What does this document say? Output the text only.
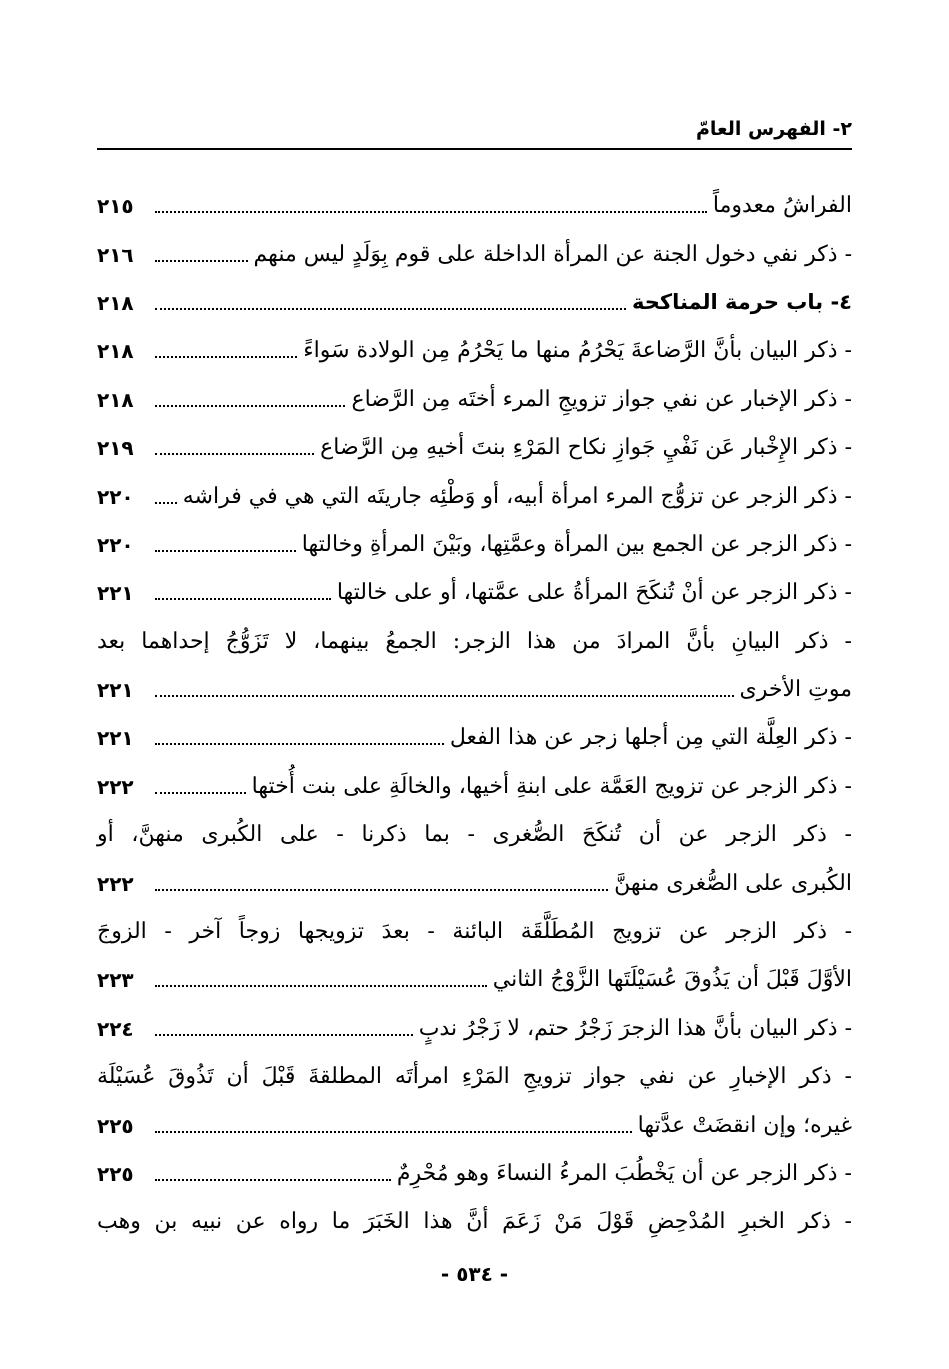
٢- الفهرس العامّ
الفراشُ معدوماً
٢١٥
- ذكر نفي دخول الجنة عن المرأة الداخلة على قوم بِوَلَدٍ ليس منهم
٢١٦
٤- باب حرمة المناكحة
٢١٨
- ذكر البيان بأنَّ الرَّضاعةَ يَحْرُمُ منها ما يَحْرُمُ مِن الولادة سَواءً
٢١٨
- ذكر الإخبار عن نفي جواز تزويجِ المرء أختَه مِن الرَّضاع
٢١٨
- ذكر الإِخْبار عَن نَفْيِ جَوازِ نكاح المَرْءِ بنتَ أخيهِ مِن الرَّضاع
٢١٩
- ذكر الزجر عن تزوُّج المرء امرأة أبيه، أو وَطْئِه جاريتَه التي هي في فراشه
٢٢٠
- ذكر الزجر عن الجمع بين المرأة وعمَّتِها، وبَيْنَ المرأةِ وخالتها
٢٢٠
- ذكر الزجر عن أنْ تُنكَحَ المرأةُ على عمَّتها، أو على خالتها
٢٢١
- ذكر البيانِ بأنَّ المرادَ من هذا الزجر: الجمعُ بينهما، لا تَزَوُّجُ إحداهما بعد
موتِ الأخرى
٢٢١
- ذكر العِلَّة التي مِن أجلها زجر عن هذا الفعل
٢٢١
- ذكر الزجر عن تزويج العَمَّة على ابنةِ أخيها، والخالَةِ على بنت أُختها
٢٢٢
- ذكر الزجر عن أن تُنكَحَ الصُّغرى - بما ذكرنا - على الكُبرى منهنَّ، أو
الكُبرى على الصُّغرى منهنَّ
٢٢٢
- ذكر الزجر عن تزويج المُطَلَّقَة البائنة - بعدَ تزويجها زوجاً آخر - الزوجَ
الأوَّلَ قَبْلَ أن يَذُوقَ عُسَيْلَتَها الزَّوْجُ الثاني
٢٢٣
- ذكر البيان بأنَّ هذا الزجرَ زَجْرُ حتم، لا زَجْرُ ندبٍ
٢٢٤
- ذكر الإخبارِ عن نفي جواز تزويجِ المَرْءِ امرأتَه المطلقةَ قَبْلَ أن تَذُوقَ عُسَيْلَة
غيره؛ وإن انقضَتْ عدَّتها
٢٢٥
- ذكر الزجر عن أن يَخْطُبَ المرءُ النساءَ وهو مُحْرِمٌ
٢٢٥
- ذكر الخبرِ المُدْحِضِ قَوْلَ مَنْ زَعَمَ أنَّ هذا الخَبَرَ ما رواه عن نبيه بن وهب
- ٥٣٤ -
